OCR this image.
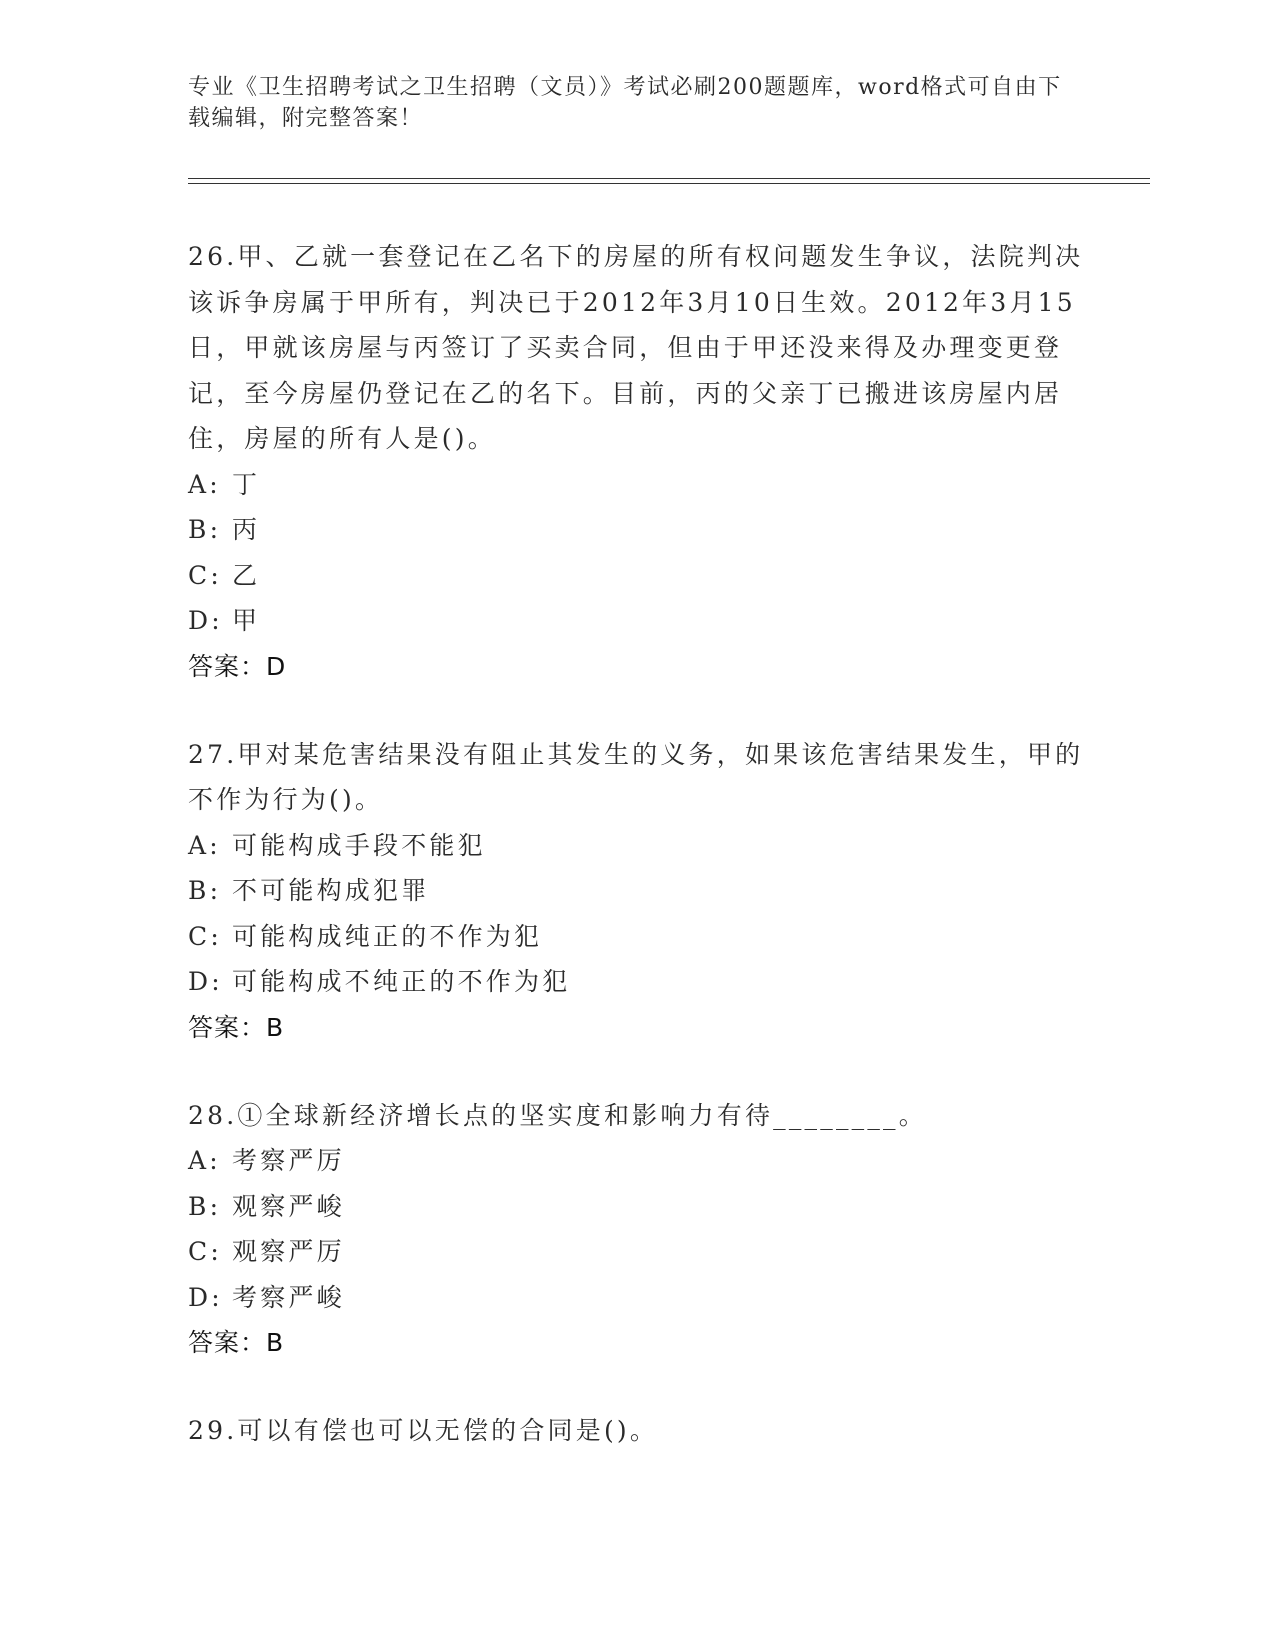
专业《卫生招聘考试之卫生招聘（文员）》考试必刷200题题库，word格式可自由下载编辑，附完整答案！

26.甲、乙就一套登记在乙名下的房屋的所有权问题发生争议，法院判决该诉争房属于甲所有，判决已于2012年3月10日生效。2012年3月15日，甲就该房屋与丙签订了买卖合同，但由于甲还没来得及办理变更登记，至今房屋仍登记在乙的名下。目前，丙的父亲丁已搬进该房屋内居住，房屋的所有人是()。

A: 丁
B: 丙
C: 乙
D: 甲
答案：D

27.甲对某危害结果没有阻止其发生的义务，如果该危害结果发生，甲的不作为行为()。

A: 可能构成手段不能犯
B: 不可能构成犯罪
C: 可能构成纯正的不作为犯
D: 可能构成不纯正的不作为犯
答案：B

28.①全球新经济增长点的坚实度和影响力有待________。

A: 考察严厉
B: 观察严峻
C: 观察严厉
D: 考察严峻
答案：B

29.可以有偿也可以无偿的合同是()。
